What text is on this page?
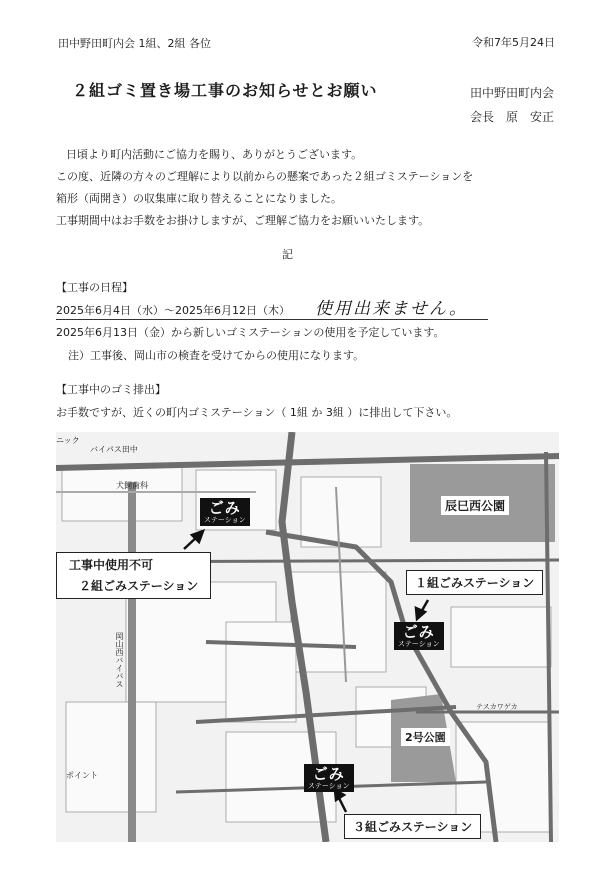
田中野田町内会 1組、2組 各位	令和7年5月24日
２組ゴミ置き場工事のお知らせとお願い	田中野田町内会
会長　原　安正
日頃より町内活動にご協力を賜り、ありがとうございます。
この度、近隣の方々のご理解により以前からの懸案であった２組ゴミステーションを
箱形（両開き）の収集庫に取り替えることになりました。
工事期間中はお手数をお掛けしますが、ご理解ご協力をお願いいたします。
記
【工事の日程】
2025年6月4日（水）～2025年6月12日（木） 使用出来ません。
2025年6月13日（金）から新しいゴミステーションの使用を予定しています。
注）工事後、岡山市の検査を受けてからの使用になります。
【工事中のゴミ排出】
お手数ですが、近くの町内ゴミステーション（ 1組 か 3組 ）に排出して下さい。
バイパス田中
ニック
犬飼歯科
ポイント
テスカワゲカ
岡山西バイパス
辰巳西公園
2号公園
ごみ
ステーション
ごみ
ステーション
ごみ
ステーション
工事中使用不可
２組ごみステーション	１組ごみステーション
３組ごみステーション
